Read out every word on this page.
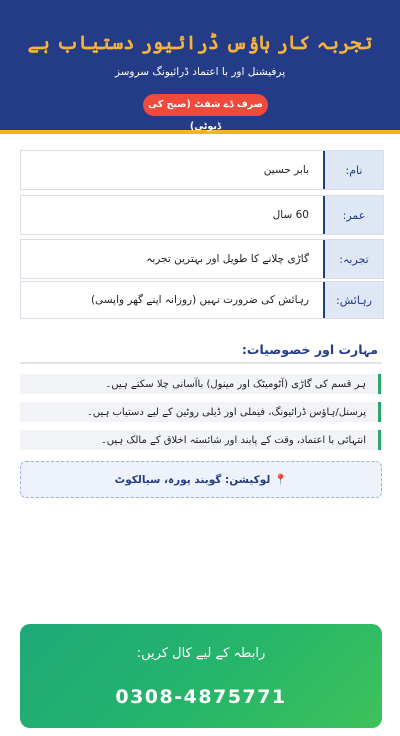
تجربہ کار ہاؤس ڈرائیور دستیاب ہے
پرفیشنل اور با اعتماد ڈرائیونگ سروسز
صرف ڈے شفٹ (صبح کی ڈیوٹی)
نام:
بابر حسین
عمر:
60 سال
تجربہ:
گاڑی چلانے کا طویل اور بہترین تجربہ
رہائش:
رہائش کی ضرورت نہیں (روزانہ اپنے گھر واپسی)
مہارت اور خصوصیات:
ہر قسم کی گاڑی (آٹومیٹک اور مینول) باآسانی چلا سکتے ہیں۔
پرسنل/ہاؤس ڈرائیونگ، فیملی اور ڈیلی روٹین کے لیے دستیاب ہیں۔
انتہائی با اعتماد، وقت کے پابند اور شائستہ اخلاق کے مالک ہیں۔
📍
لوکیشن: گوبند پورہ، سیالکوٹ
رابطہ کے لیے کال کریں:
0308-4875771
